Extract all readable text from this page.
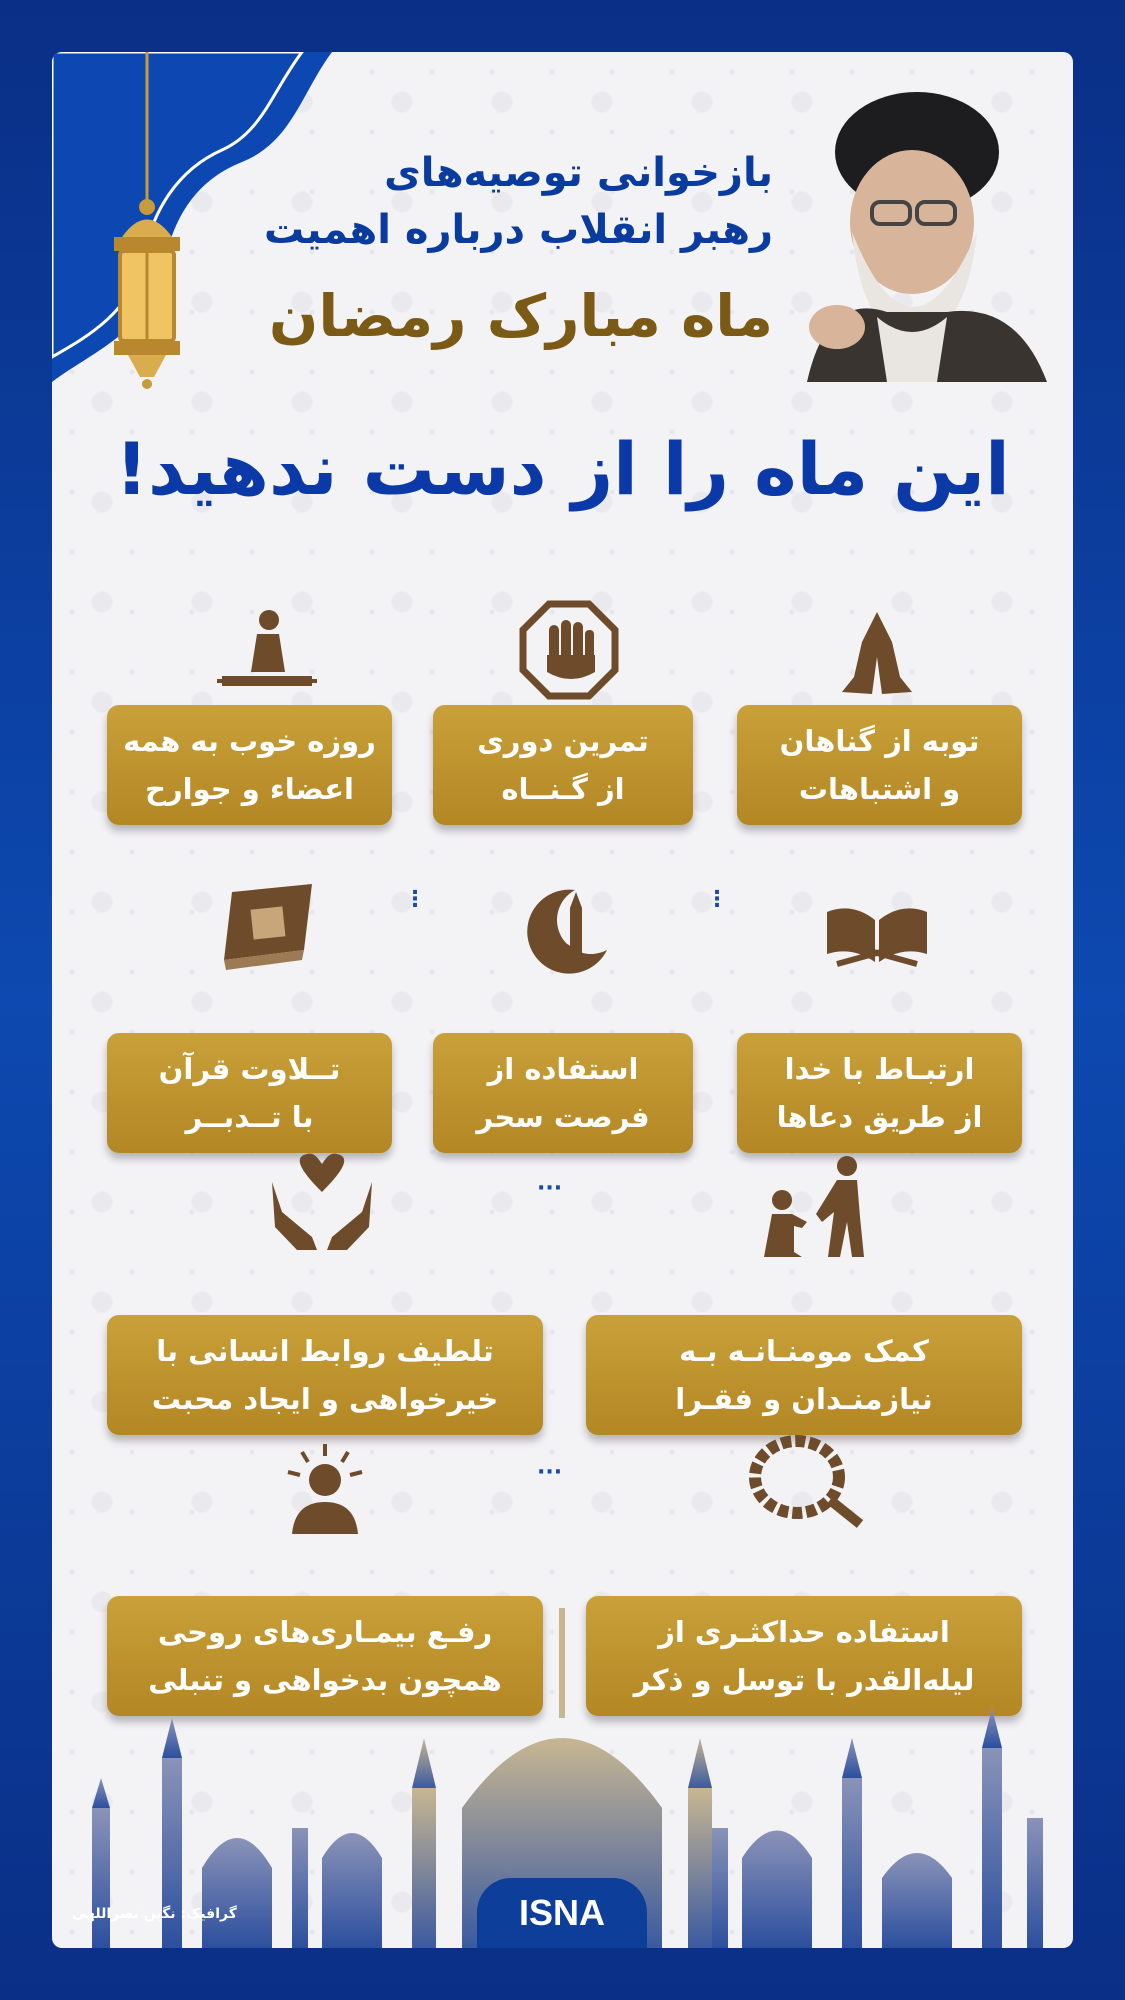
بازخوانی توصیه‌های
رهبر انقلاب درباره اهمیت
ماه مبارک رمضان
این ماه را از دست ندهید!
توبه از گناهان
و اشتباهات
تمرین دوری
از گـنــاه
روزه خوب به همه
اعضاء و جوارح
⋮
⋮
ارتبـاط با خدا
از طریق دعاها
استفاده از
فرصت سحر
تــلاوت قرآن
با تــدبــر
···
کمک مومنـانـه بـه
نیازمنـدان و فقـرا
تلطیف روابط انسانی با
خیرخواهی و ایجاد محبت
···
استفاده حداکثـری از
لیله‌القدر با توسل و ذکر
رفـع بیمـاری‌های روحی
همچون بدخواهی و تنبلی
ISNA
گرافیک: نگین نصراللهی
